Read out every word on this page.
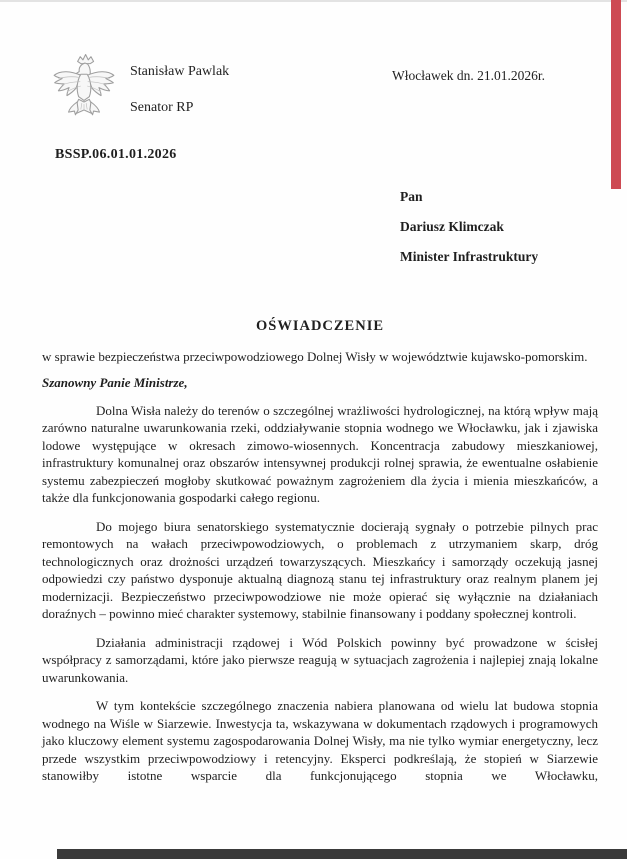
Stanisław Pawlak
Senator RP
Włocławek dn. 21.01.2026r.
BSSP.06.01.01.2026
Pan
Dariusz Klimczak
Minister Infrastruktury
OŚWIADCZENIE

w sprawie bezpieczeństwa przeciwpowodziowego Dolnej Wisły w województwie kujawsko-pomorskim.

Szanowny Panie Ministrze,

Dolna Wisła należy do terenów o szczególnej wrażliwości hydrologicznej, na którą wpływ mają zarówno naturalne uwarunkowania rzeki, oddziaływanie stopnia wodnego we Włocławku, jak i zjawiska lodowe występujące w okresach zimowo-wiosennych. Koncentracja zabudowy mieszkaniowej, infrastruktury komunalnej oraz obszarów intensywnej produkcji rolnej sprawia, że ewentualne osłabienie systemu zabezpieczeń mogłoby skutkować poważnym zagrożeniem dla życia i mienia mieszkańców, a także dla funkcjonowania gospodarki całego regionu.

Do mojego biura senatorskiego systematycznie docierają sygnały o potrzebie pilnych prac remontowych na wałach przeciwpowodziowych, o problemach z utrzymaniem skarp, dróg technologicznych oraz drożności urządzeń towarzyszących. Mieszkańcy i samorządy oczekują jasnej odpowiedzi czy państwo dysponuje aktualną diagnozą stanu tej infrastruktury oraz realnym planem jej modernizacji. Bezpieczeństwo przeciwpowodziowe nie może opierać się wyłącznie na działaniach doraźnych – powinno mieć charakter systemowy, stabilnie finansowany i poddany społecznej kontroli.

Działania administracji rządowej i Wód Polskich powinny być prowadzone w ścisłej współpracy z samorządami, które jako pierwsze reagują w sytuacjach zagrożenia i najlepiej znają lokalne uwarunkowania.

W tym kontekście szczególnego znaczenia nabiera planowana od wielu lat budowa stopnia wodnego na Wiśle w Siarzewie. Inwestycja ta, wskazywana w dokumentach rządowych i programowych jako kluczowy element systemu zagospodarowania Dolnej Wisły, ma nie tylko wymiar energetyczny, lecz przede wszystkim przeciwpowodziowy i retencyjny. Eksperci podkreślają, że stopień w Siarzewie stanowiłby istotne wsparcie dla funkcjonującego stopnia we Włocławku,
